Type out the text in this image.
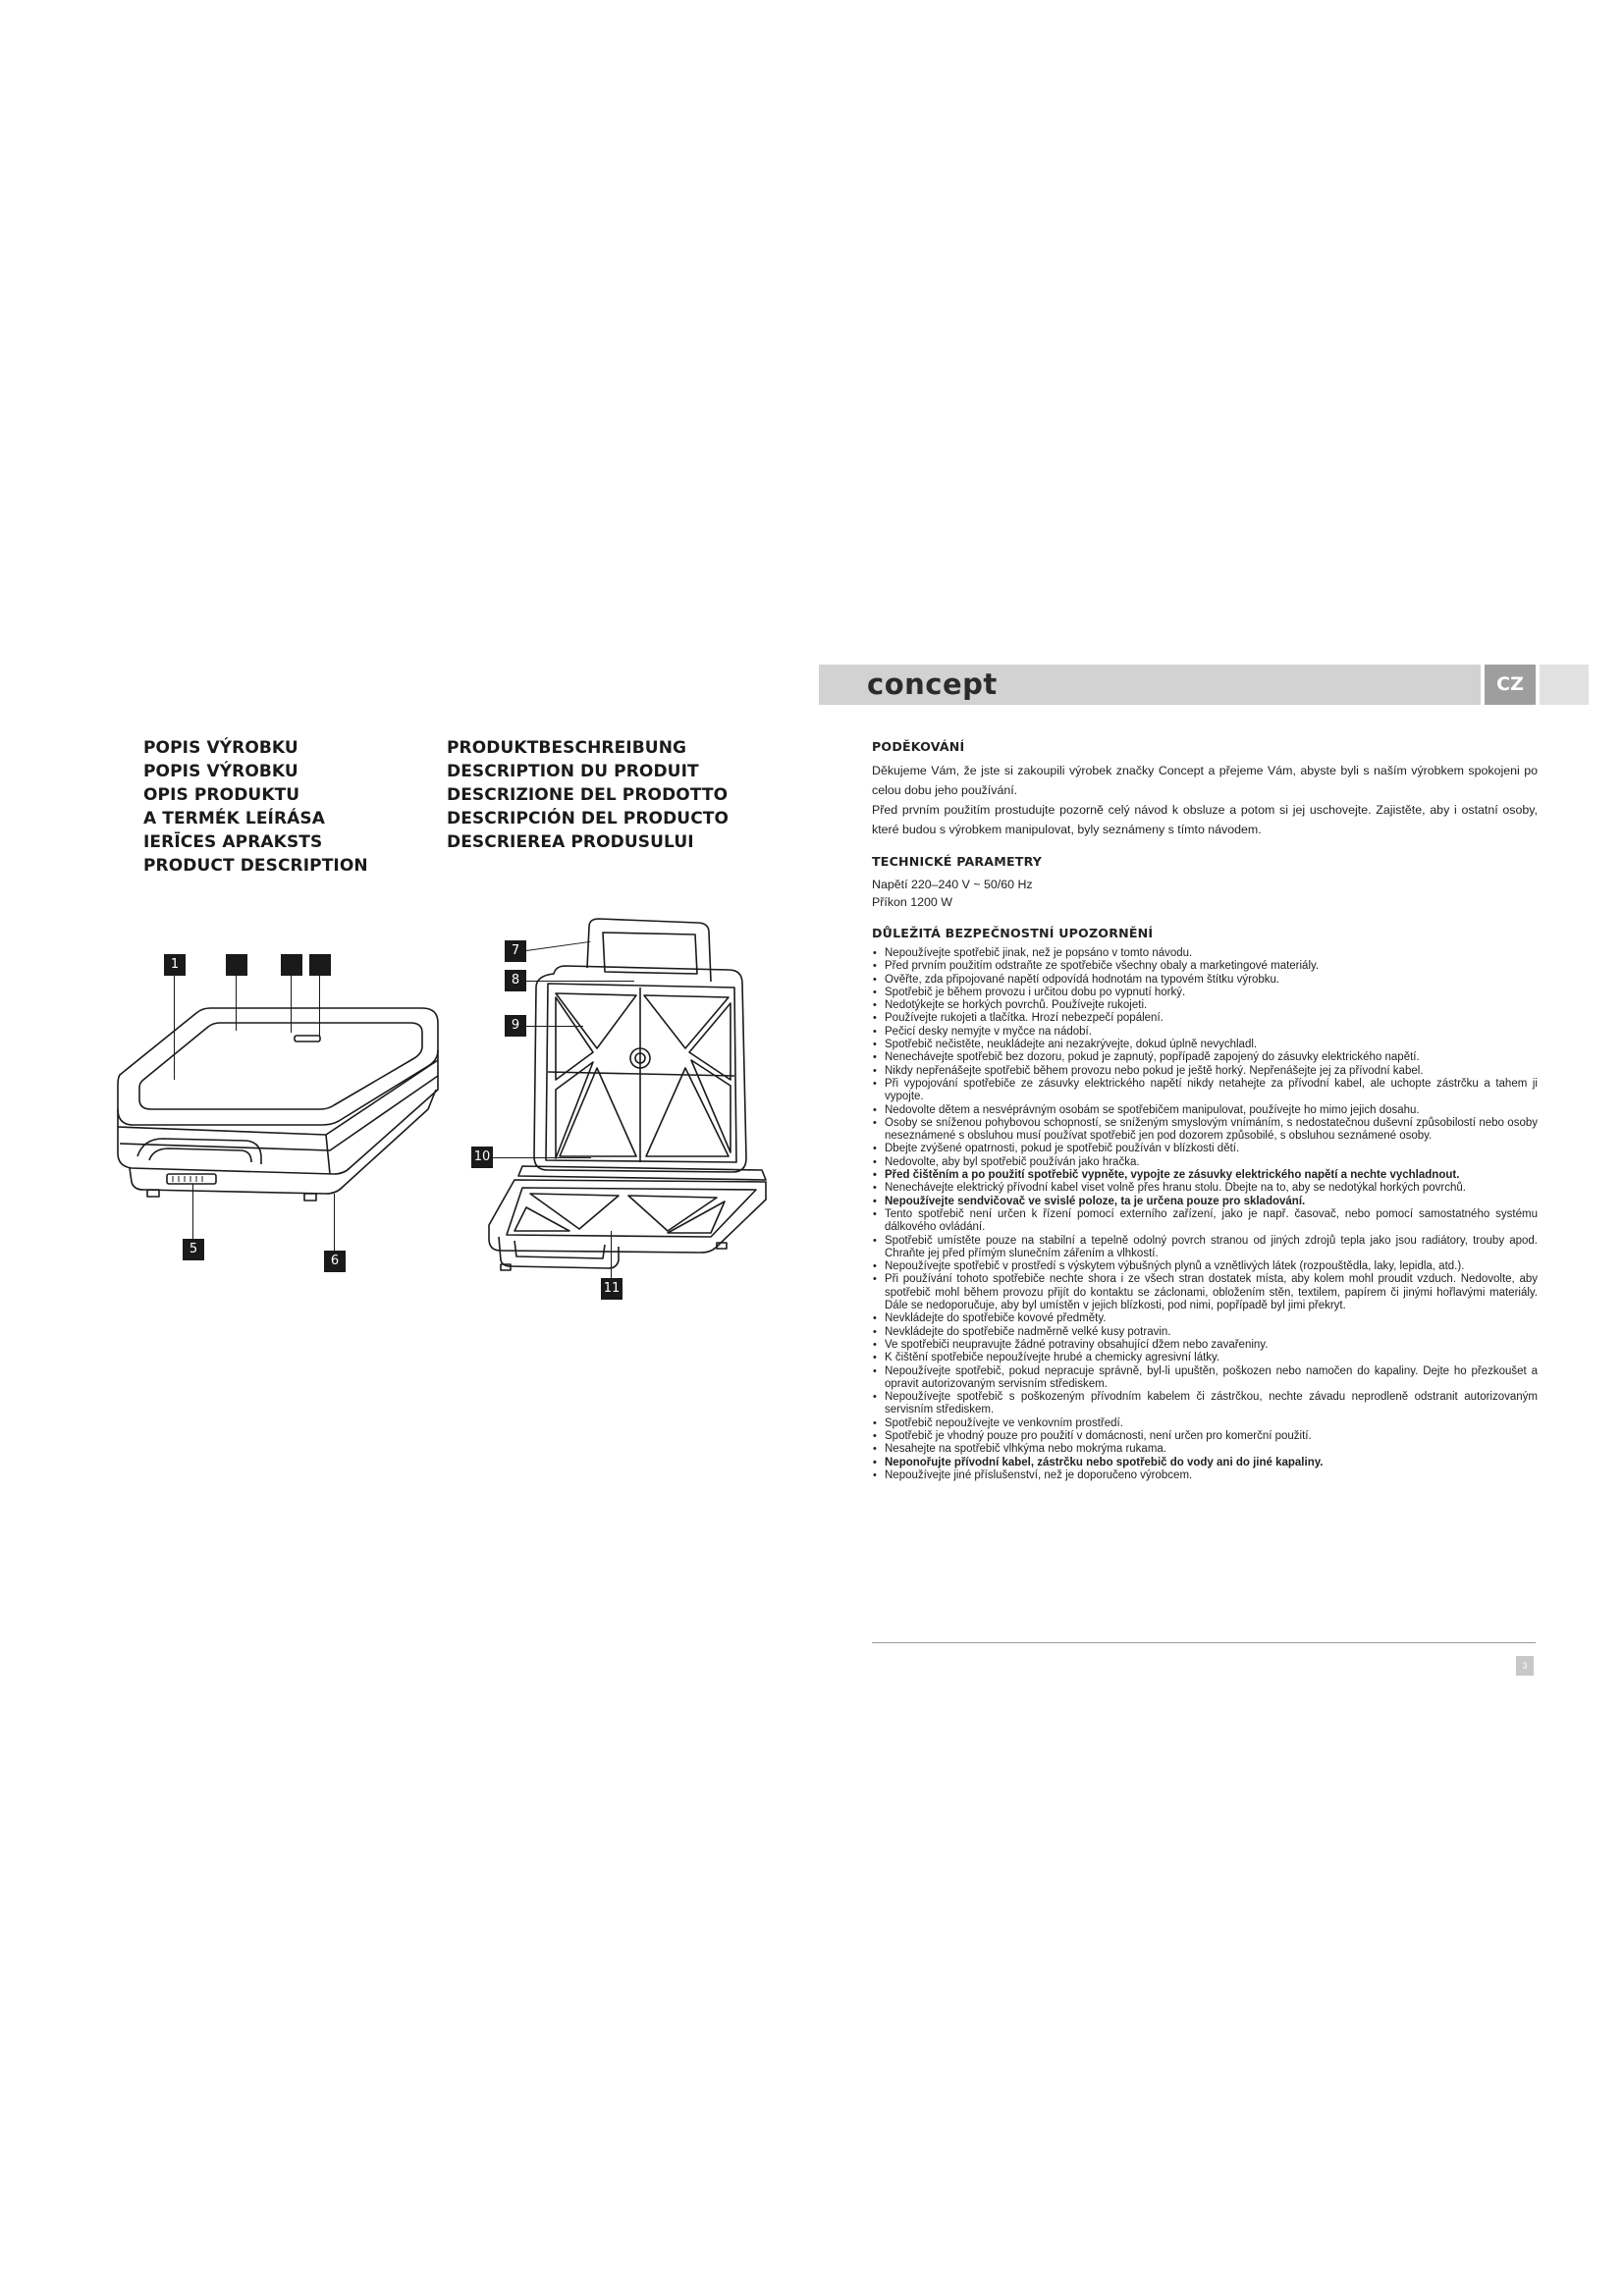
POPIS VÝROBKU
POPIS VÝROBKU
OPIS PRODUKTU
A TERMÉK LEÍRÁSA
IERĪCES APRAKSTS
PRODUCT DESCRIPTION
PRODUKTBESCHREIBUNG
DESCRIPTION DU PRODUIT
DESCRIZIONE DEL PRODOTTO
DESCRIPCIÓN DEL PRODUCTO
DESCRIEREA PRODUSULUI
1
5
6
7
8
9
10
11
concept	CZ
PODĚKOVÁNÍ

Děkujeme Vám, že jste si zakoupili výrobek značky Concept a přejeme Vám, abyste byli s naším výrobkem spokojeni po celou dobu jeho používání.

Před prvním použitím prostudujte pozorně celý návod k obsluze a potom si jej uschovejte. Zajistěte, aby i ostatní osoby, které budou s výrobkem manipulovat, byly seznámeny s tímto návodem.

TECHNICKÉ PARAMETRY

Napětí 220–240 V ~ 50/60 Hz

Příkon 1200 W

DŮLEŽITÁ BEZPEČNOSTNÍ UPOZORNĚNÍ
• Nepoužívejte spotřebič jinak, než je popsáno v tomto návodu.
• Před prvním použitím odstraňte ze spotřebiče všechny obaly a marketingové materiály.
• Ověřte, zda připojované napětí odpovídá hodnotám na typovém štítku výrobku.
• Spotřebič je během provozu i určitou dobu po vypnutí horký.
• Nedotýkejte se horkých povrchů. Používejte rukojeti.
• Používejte rukojeti a tlačítka. Hrozí nebezpečí popálení.
• Pečicí desky nemyjte v myčce na nádobí.
• Spotřebič nečistěte, neukládejte ani nezakrývejte, dokud úplně nevychladl.
• Nenechávejte spotřebič bez dozoru, pokud je zapnutý, popřípadě zapojený do zásuvky elektrického napětí.
• Nikdy nepřenášejte spotřebič během provozu nebo pokud je ještě horký. Nepřenášejte jej za přívodní kabel.
• Při vypojování spotřebiče ze zásuvky elektrického napětí nikdy netahejte za přívodní kabel, ale uchopte zástrčku a tahem ji vypojte.
• Nedovolte dětem a nesvéprávným osobám se spotřebičem manipulovat, používejte ho mimo jejich dosahu.
• Osoby se sníženou pohybovou schopností, se sníženým smyslovým vnímáním, s nedostatečnou duševní způsobilostí nebo osoby neseznámené s obsluhou musí používat spotřebič jen pod dozorem způsobilé, s obsluhou seznámené osoby.
• Dbejte zvýšené opatrnosti, pokud je spotřebič používán v blízkosti dětí.
• Nedovolte, aby byl spotřebič používán jako hračka.
• Před čištěním a po použití spotřebič vypněte, vypojte ze zásuvky elektrického napětí a nechte vychladnout.
• Nenechávejte elektrický přívodní kabel viset volně přes hranu stolu. Dbejte na to, aby se nedotýkal horkých povrchů.
• Nepoužívejte sendvičovač ve svislé poloze, ta je určena pouze pro skladování.
• Tento spotřebič není určen k řízení pomocí externího zařízení, jako je např. časovač, nebo pomocí samostatného systému dálkového ovládání.
• Spotřebič umístěte pouze na stabilní a tepelně odolný povrch stranou od jiných zdrojů tepla jako jsou radiátory, trouby apod. Chraňte jej před přímým slunečním zářením a vlhkostí.
• Nepoužívejte spotřebič v prostředí s výskytem výbušných plynů a vznětlivých látek (rozpouštědla, laky, lepidla, atd.).
• Při používání tohoto spotřebiče nechte shora i ze všech stran dostatek místa, aby kolem mohl proudit vzduch. Nedovolte, aby spotřebič mohl během provozu přijít do kontaktu se záclonami, obložením stěn, textilem, papírem či jinými hořlavými materiály. Dále se nedoporučuje, aby byl umístěn v jejich blízkosti, pod nimi, popřípadě byl jimi překryt.
• Nevkládejte do spotřebiče kovové předměty.
• Nevkládejte do spotřebiče nadměrně velké kusy potravin.
• Ve spotřebiči neupravujte žádné potraviny obsahující džem nebo zavařeniny.
• K čištění spotřebiče nepoužívejte hrubé a chemicky agresivní látky.
• Nepoužívejte spotřebič, pokud nepracuje správně, byl-li upuštěn, poškozen nebo namočen do kapaliny. Dejte ho přezkoušet a opravit autorizovaným servisním střediskem.
• Nepoužívejte spotřebič s poškozeným přívodním kabelem či zástrčkou, nechte závadu neprodleně odstranit autorizovaným servisním střediskem.
• Spotřebič nepoužívejte ve venkovním prostředí.
• Spotřebič je vhodný pouze pro použití v domácnosti, není určen pro komerční použití.
• Nesahejte na spotřebič vlhkýma nebo mokrýma rukama.
• Neponořujte přívodní kabel, zástrčku nebo spotřebič do vody ani do jiné kapaliny.
• Nepoužívejte jiné příslušenství, než je doporučeno výrobcem.
3
